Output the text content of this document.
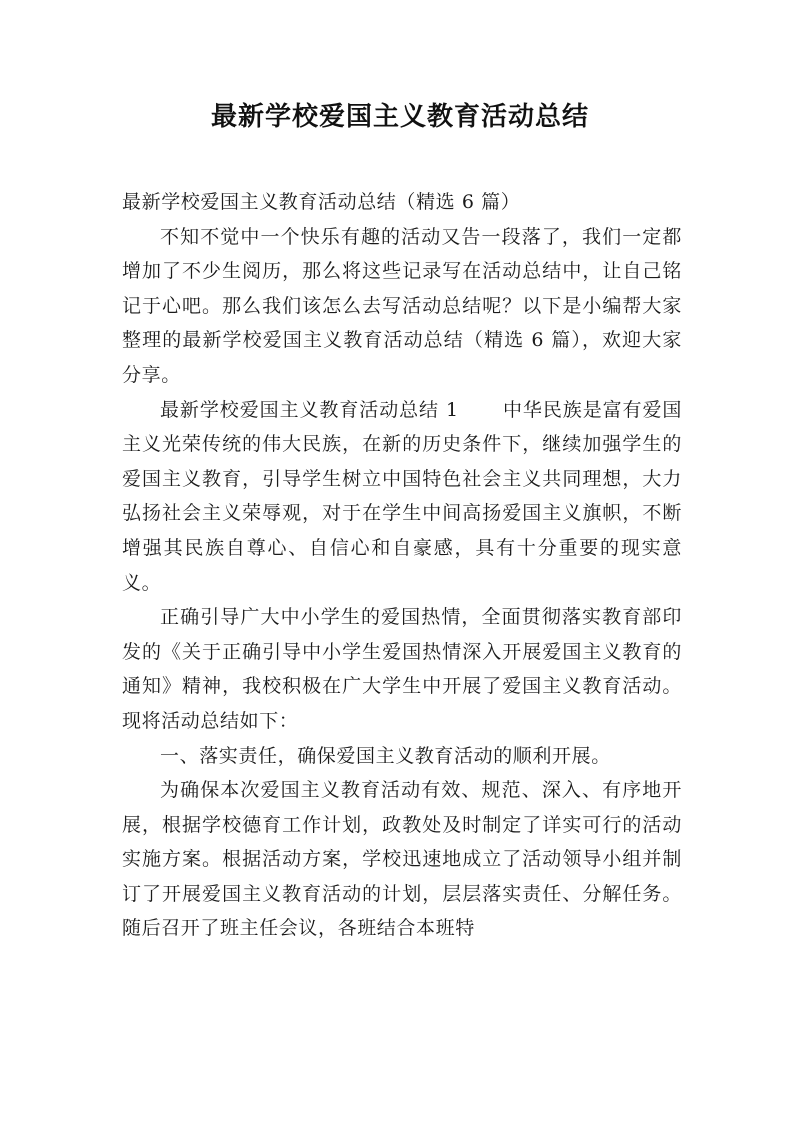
最新学校爱国主义教育活动总结

最新学校爱国主义教育活动总结（精选 6 篇）

不知不觉中一个快乐有趣的活动又告一段落了，我们一定都增加了不少生阅历，那么将这些记录写在活动总结中，让自己铭记于心吧。那么我们该怎么去写活动总结呢？以下是小编帮大家整理的最新学校爱国主义教育活动总结（精选 6 篇），欢迎大家分享。

最新学校爱国主义教育活动总结 1 中华民族是富有爱国主义光荣传统的伟大民族，在新的历史条件下，继续加强学生的爱国主义教育，引导学生树立中国特色社会主义共同理想，大力弘扬社会主义荣辱观，对于在学生中间高扬爱国主义旗帜，不断增强其民族自尊心、自信心和自豪感，具有十分重要的现实意义。

正确引导广大中小学生的爱国热情，全面贯彻落实教育部印发的《关于正确引导中小学生爱国热情深入开展爱国主义教育的通知》精神，我校积极在广大学生中开展了爱国主义教育活动。现将活动总结如下：

一、落实责任，确保爱国主义教育活动的顺利开展。

为确保本次爱国主义教育活动有效、规范、深入、有序地开展，根据学校德育工作计划，政教处及时制定了详实可行的活动实施方案。根据活动方案，学校迅速地成立了活动领导小组并制订了开展爱国主义教育活动的计划，层层落实责任、分解任务。随后召开了班主任会议，各班结合本班特
